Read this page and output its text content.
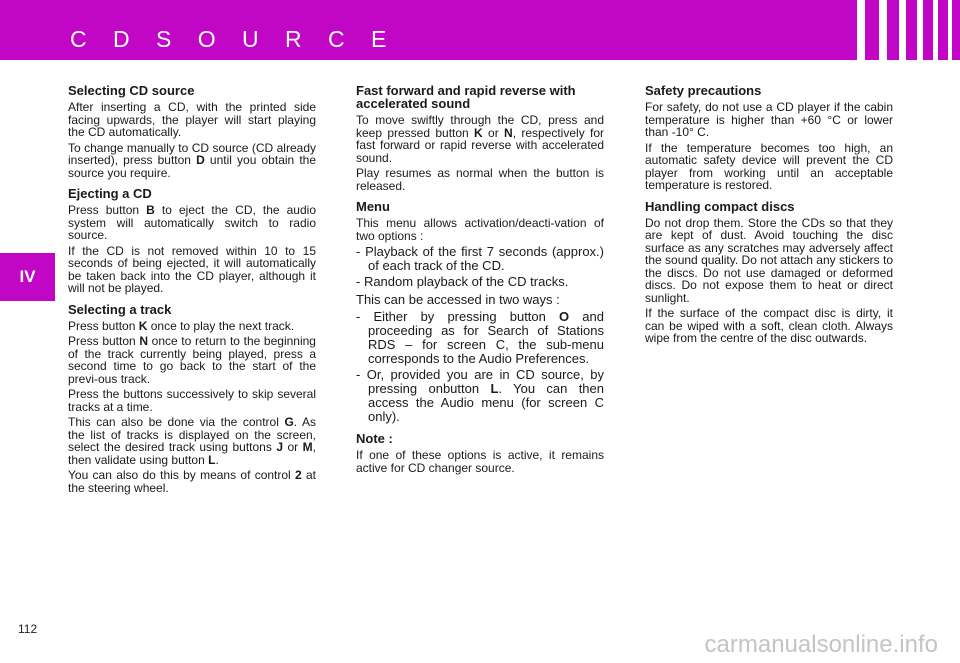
C D S O U R C E
IV
Selecting CD source

After inserting a CD, with the printed side facing upwards, the player will start playing the CD automatically.

To change manually to CD source (CD already inserted), press button D until you obtain the source you require.

Ejecting a CD

Press button B to eject the CD, the audio system will automatically switch to radio source.

If the CD is not removed within 10 to 15 seconds of being ejected, it will automatically be taken back into the CD player, although it will not be played.

Selecting a track

Press button K once to play the next track.

Press button N once to return to the beginning of the track currently being played, press a second time to go back to the start of the previ-ous track.

Press the buttons successively to skip several tracks at a time.

This can also be done via the control G. As the list of tracks is displayed on the screen, select the desired track using buttons J or M, then validate using button L.

You can also do this by means of control 2 at the steering wheel.

Fast forward and rapid reverse with accelerated sound

To move swiftly through the CD, press and keep pressed button K or N, respectively for fast forward or rapid reverse with accelerated sound.

Play resumes as normal when the button is released.

Menu

This menu allows activation/deacti-vation of two options :

- Playback of the first 7 seconds (approx.) of each track of the CD.
- Random playback of the CD tracks.

This can be accessed in two ways :

- Either by pressing button O and proceeding as for Search of Stations RDS – for screen C, the sub-menu corresponds to the Audio Preferences.
- Or, provided you are in CD source, by pressing onbutton L. You can then access the Audio menu (for screen C only).
Note :

If one of these options is active, it remains active for CD changer source.

Safety precautions

For safety, do not use a CD player if the cabin temperature is higher than +60 °C or lower than -10° C.

If the temperature becomes too high, an automatic safety device will prevent the CD player from working until an acceptable temperature is restored.

Handling compact discs

Do not drop them. Store the CDs so that they are kept of dust. Avoid touching the disc surface as any scratches may adversely affect the sound quality. Do not attach any stickers to the discs. Do not use damaged or deformed discs. Do not expose them to heat or direct sunlight.

If the surface of the compact disc is dirty, it can be wiped with a soft, clean cloth. Always wipe from the centre of the disc outwards.

112
carmanualsonline.info
